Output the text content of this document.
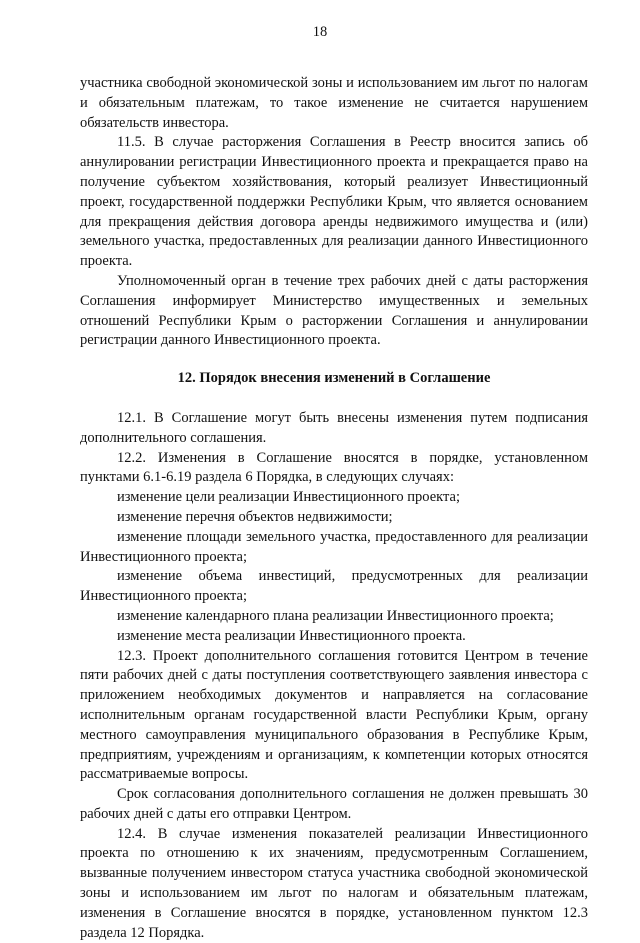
18

участника свободной экономической зоны и использованием им льгот по налогам и обязательным платежам, то такое изменение не считается нарушением обязательств инвестора.

11.5. В случае расторжения Соглашения в Реестр вносится запись об аннулировании регистрации Инвестиционного проекта и прекращается право на получение субъектом хозяйствования, который реализует Инвестиционный проект, государственной поддержки Республики Крым, что является основанием для прекращения действия договора аренды недвижимого имущества и (или) земельного участка, предоставленных для реализации данного Инвестиционного проекта.

Уполномоченный орган в течение трех рабочих дней с даты расторжения Соглашения информирует Министерство имущественных и земельных отношений Республики Крым о расторжении Соглашения и аннулировании регистрации данного Инвестиционного проекта.

12. Порядок внесения изменений в Соглашение

12.1. В Соглашение могут быть внесены изменения путем подписания дополнительного соглашения.

12.2. Изменения в Соглашение вносятся в порядке, установленном пунктами 6.1-6.19 раздела 6 Порядка, в следующих случаях:

изменение цели реализации Инвестиционного проекта;

изменение перечня объектов недвижимости;

изменение площади земельного участка, предоставленного для реализации Инвестиционного проекта;

изменение объема инвестиций, предусмотренных для реализации Инвестиционного проекта;

изменение календарного плана реализации Инвестиционного проекта;

изменение места реализации Инвестиционного проекта.

12.3. Проект дополнительного соглашения готовится Центром в течение пяти рабочих дней с даты поступления соответствующего заявления инвестора с приложением необходимых документов и направляется на согласование исполнительным органам государственной власти Республики Крым, органу местного самоуправления муниципального образования в Республике Крым, предприятиям, учреждениям и организациям, к компетенции которых относятся рассматриваемые вопросы.

Срок согласования дополнительного соглашения не должен превышать 30 рабочих дней с даты его отправки Центром.

12.4. В случае изменения показателей реализации Инвестиционного проекта по отношению к их значениям, предусмотренным Соглашением, вызванные получением инвестором статуса участника свободной экономической зоны и использованием им льгот по налогам и обязательным платежам, изменения в Соглашение вносятся в порядке, установленном пунктом 12.3 раздела 12 Порядка.
